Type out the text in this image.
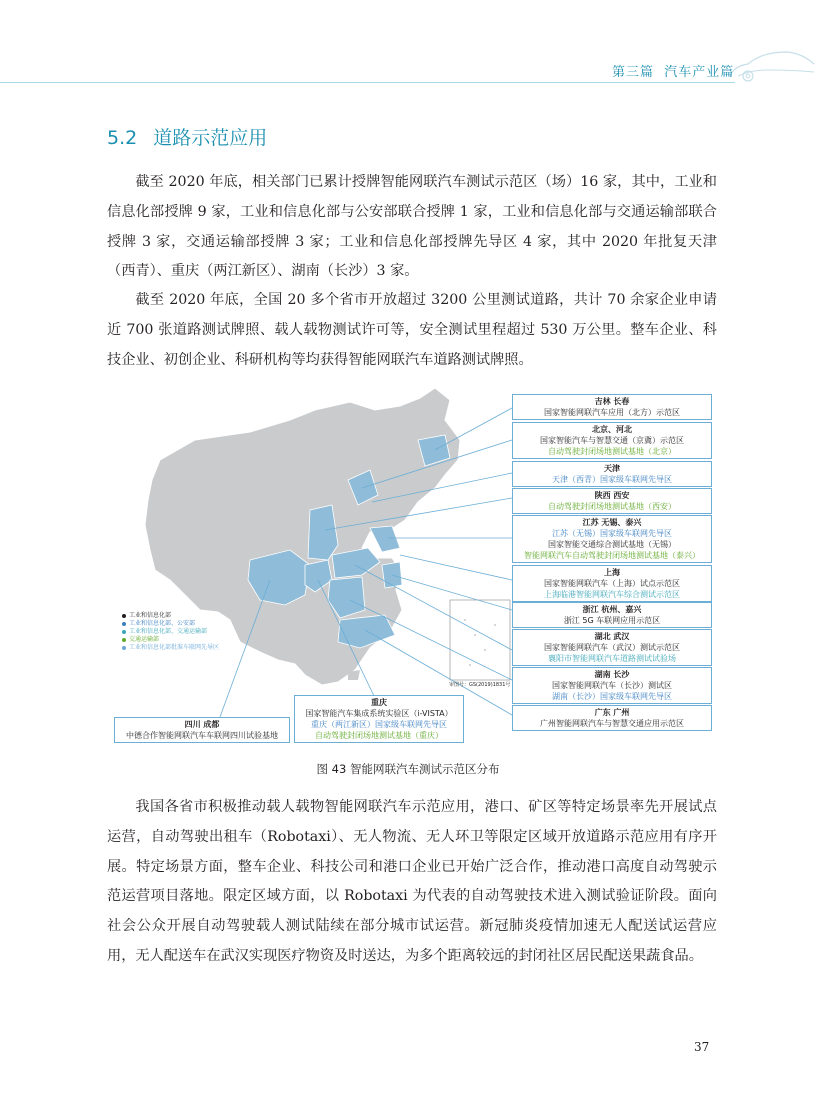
第三篇 汽车产业篇
5.2 道路示范应用

截至 2020 年底，相关部门已累计授牌智能网联汽车测试示范区（场）16 家，其中，工业和信息化部授牌 9 家，工业和信息化部与公安部联合授牌 1 家，工业和信息化部与交通运输部联合授牌 3 家，交通运输部授牌 3 家；工业和信息化部授牌先导区 4 家，其中 2020 年批复天津（西青）、重庆（两江新区）、湖南（长沙）3 家。

截至 2020 年底，全国 20 多个省市开放超过 3200 公里测试道路，共计 70 余家企业申请近 700 张道路测试牌照、载人载物测试许可等，安全测试里程超过 530 万公里。整车企业、科技企业、初创企业、科研机构等均获得智能网联汽车道路测试牌照。

工业和信息化部
工业和信息化部、公安部
工业和信息化部、交通运输部
交通运输部
工业和信息化部批准车联网先导区
审图号：GS(2019)1831号
吉林 长春
国家智能网联汽车应用（北方）示范区
北京、河北
国家智能汽车与智慧交通（京冀）示范区
自动驾驶封闭场地测试基地（北京）
天津
天津（西青）国家级车联网先导区
陕西 西安
自动驾驶封闭场地测试基地（西安）
江苏 无锡、泰兴
江苏（无锡）国家级车联网先导区
国家智能交通综合测试基地（无锡）
智能网联汽车自动驾驶封闭场地测试基地（泰兴）
上海
国家智能网联汽车（上海）试点示范区
上海临港智能网联汽车综合测试示范区
浙江 杭州、嘉兴
浙江 5G 车联网应用示范区
湖北 武汉
国家智能网联汽车（武汉）测试示范区
襄阳市智能网联汽车道路测试试验场
湖南 长沙
国家智能网联汽车（长沙）测试区
湖南（长沙）国家级车联网先导区
广东 广州
广州智能网联汽车与智慧交通应用示范区
重庆
国家智能汽车集成系统实验区（i-VISTA）
重庆（两江新区）国家级车联网先导区
自动驾驶封闭场地测试基地（重庆）
四川 成都
中德合作智能网联汽车车联网四川试验基地
图 43 智能网联汽车测试示范区分布

我国各省市积极推动载人载物智能网联汽车示范应用，港口、矿区等特定场景率先开展试点运营，自动驾驶出租车（Robotaxi）、无人物流、无人环卫等限定区域开放道路示范应用有序开展。特定场景方面，整车企业、科技公司和港口企业已开始广泛合作，推动港口高度自动驾驶示范运营项目落地。限定区域方面，以 Robotaxi 为代表的自动驾驶技术进入测试验证阶段。面向社会公众开展自动驾驶载人测试陆续在部分城市试运营。新冠肺炎疫情加速无人配送试运营应用，无人配送车在武汉实现医疗物资及时送达，为多个距离较远的封闭社区居民配送果蔬食品。

37
